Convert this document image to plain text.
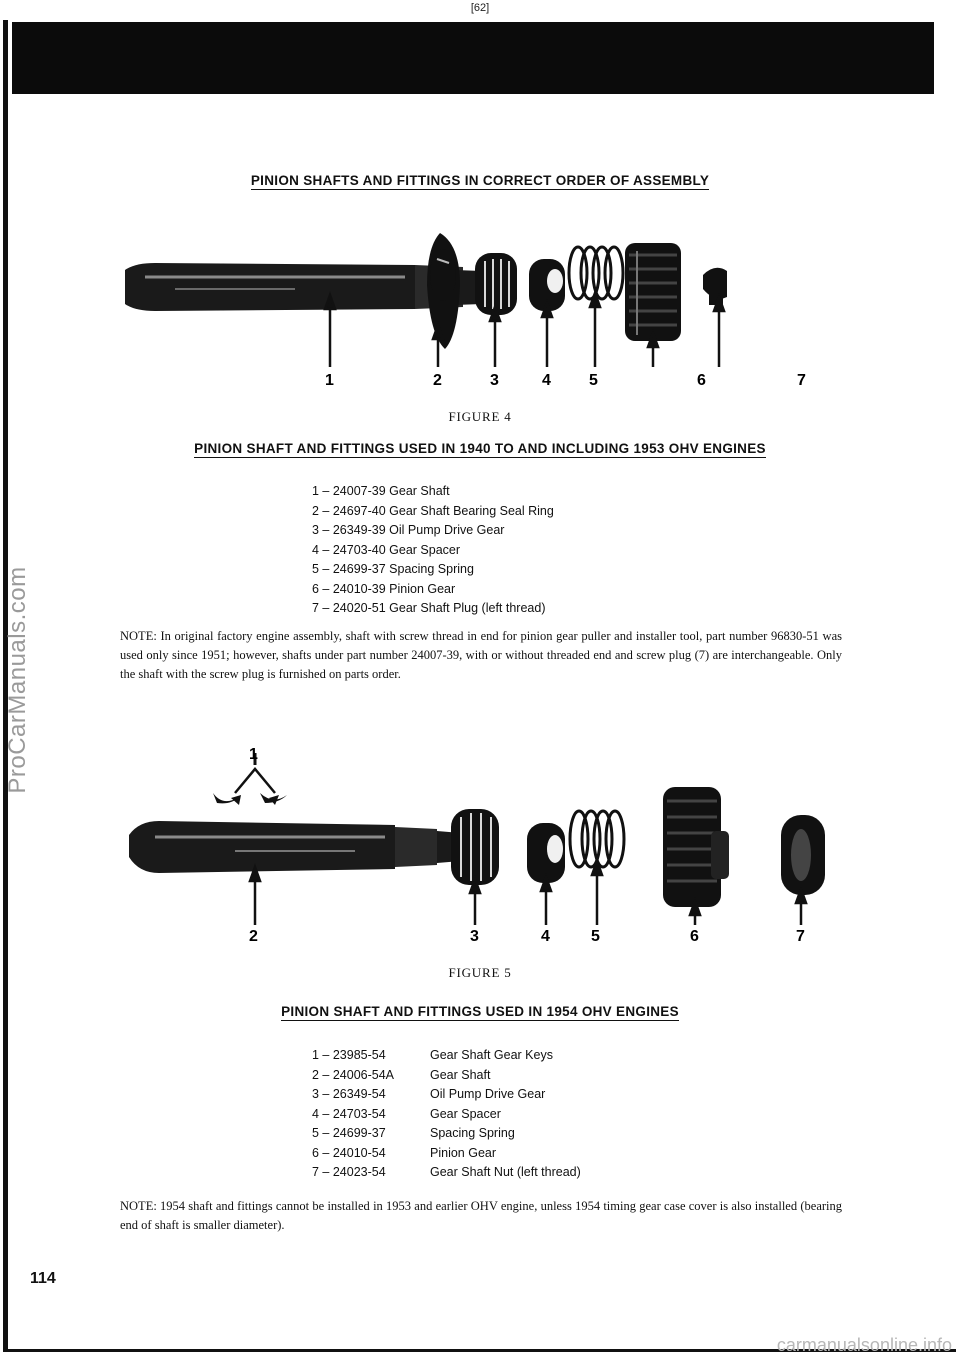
[62]
ProCarManuals.com
carmanualsonline.info
PINION SHAFTS AND FITTINGS IN CORRECT ORDER OF ASSEMBLY
1	2	3	4 5	6	7
FIGURE 4
PINION SHAFT AND FITTINGS USED IN 1940 TO AND INCLUDING 1953 OHV ENGINES
1 – 24007-39 Gear Shaft
2 – 24697-40 Gear Shaft Bearing Seal Ring
3 – 26349-39 Oil Pump Drive Gear
4 – 24703-40 Gear Spacer
5 – 24699-37 Spacing Spring
6 – 24010-39 Pinion Gear
7 – 24020-51 Gear Shaft Plug (left thread)

NOTE: In original factory engine assembly, shaft with screw thread in end for pinion gear puller and installer tool, part number 96830-51 was used only since 1951; however, shafts under part number 24007-39, with or without threaded end and screw plug (7) are interchangeable. Only the shaft with the screw plug is furnished on parts order.

1
2	3	4	5	6	7
FIGURE 5
PINION SHAFT AND FITTINGS USED IN 1954 OHV ENGINES
1 – 23985-54	Gear Shaft Gear Keys
2 – 24006-54A	Gear Shaft
3 – 26349-54	Oil Pump Drive Gear
4 – 24703-54	Gear Spacer
5 – 24699-37	Spacing Spring
6 – 24010-54	Pinion Gear
7 – 24023-54	Gear Shaft Nut (left thread)

NOTE: 1954 shaft and fittings cannot be installed in 1953 and earlier OHV engine, unless 1954 timing gear case cover is also installed (bearing end of shaft is smaller diameter).

114
